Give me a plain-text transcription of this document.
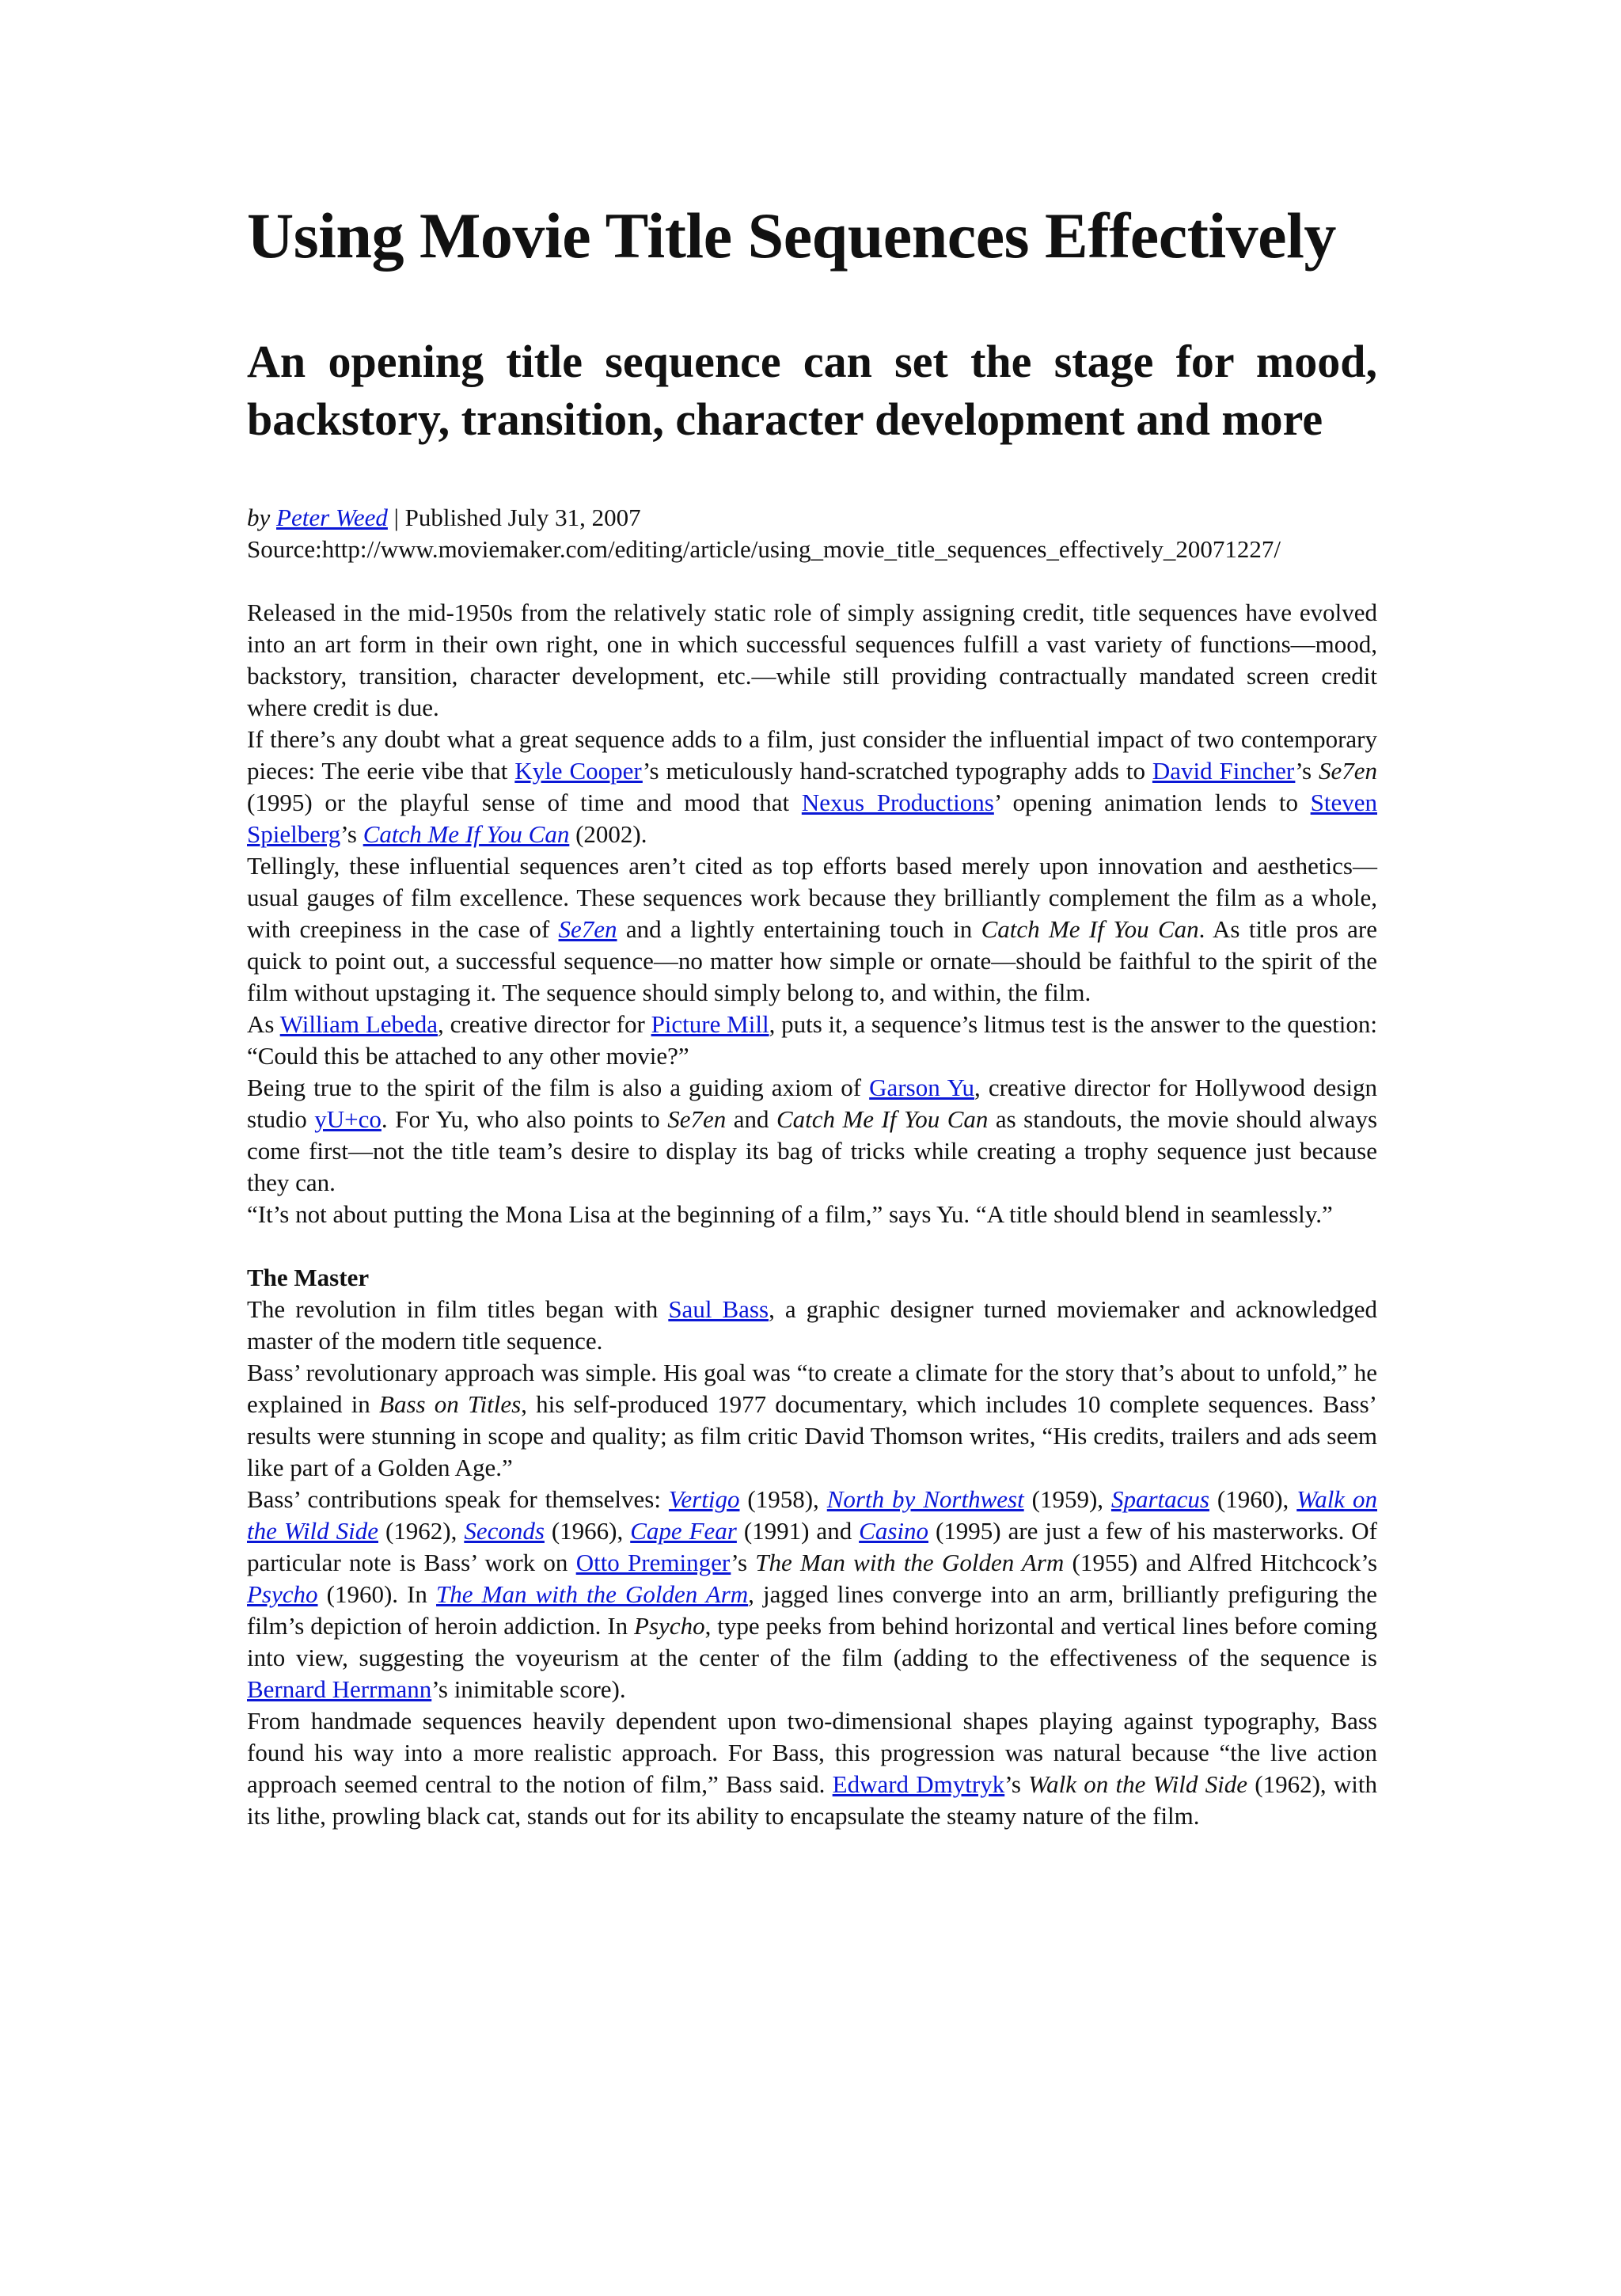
Using Movie Title Sequences Effectively
An opening title sequence can set the stage for mood, backstory, transition, character development and more
by Peter Weed | Published July 31, 2007
Source:http://www.moviemaker.com/editing/article/using_movie_title_sequences_effectively_20071227/

Released in the mid-1950s from the relatively static role of simply assigning credit, title sequences have evolved into an art form in their own right, one in which successful sequences fulfill a vast variety of functions—mood, backstory, transition, character development, etc.—while still providing contractually mandated screen credit where credit is due.

If there’s any doubt what a great sequence adds to a film, just consider the influential impact of two contemporary pieces: The eerie vibe that Kyle Cooper’s meticulously hand-scratched typography adds to David Fincher’s Se7en (1995) or the playful sense of time and mood that Nexus Productions’ opening animation lends to Steven Spielberg’s Catch Me If You Can (2002).

Tellingly, these influential sequences aren’t cited as top efforts based merely upon innovation and aesthetics—usual gauges of film excellence. These sequences work because they brilliantly complement the film as a whole, with creepiness in the case of Se7en and a lightly entertaining touch in Catch Me If You Can. As title pros are quick to point out, a successful sequence—no matter how simple or ornate—should be faithful to the spirit of the film without upstaging it. The sequence should simply belong to, and within, the film.

As William Lebeda, creative director for Picture Mill, puts it, a sequence’s litmus test is the answer to the question: “Could this be attached to any other movie?”

Being true to the spirit of the film is also a guiding axiom of Garson Yu, creative director for Hollywood design studio yU+co. For Yu, who also points to Se7en and Catch Me If You Can as standouts, the movie should always come first—not the title team’s desire to display its bag of tricks while creating a trophy sequence just because they can.

“It’s not about putting the Mona Lisa at the beginning of a film,” says Yu. “A title should blend in seamlessly.”

The Master

The revolution in film titles began with Saul Bass, a graphic designer turned moviemaker and acknowledged master of the modern title sequence.

Bass’ revolutionary approach was simple. His goal was “to create a climate for the story that’s about to unfold,” he explained in Bass on Titles, his self-produced 1977 documentary, which includes 10 complete sequences. Bass’ results were stunning in scope and quality; as film critic David Thomson writes, “His credits, trailers and ads seem like part of a Golden Age.”

Bass’ contributions speak for themselves: Vertigo (1958), North by Northwest (1959), Spartacus (1960), Walk on the Wild Side (1962), Seconds (1966), Cape Fear (1991) and Casino (1995) are just a few of his masterworks. Of particular note is Bass’ work on Otto Preminger’s The Man with the Golden Arm (1955) and Alfred Hitchcock’s Psycho (1960). In The Man with the Golden Arm, jagged lines converge into an arm, brilliantly prefiguring the film’s depiction of heroin addiction. In Psycho, type peeks from behind horizontal and vertical lines before coming into view, suggesting the voyeurism at the center of the film (adding to the effectiveness of the sequence is Bernard Herrmann’s inimitable score).

From handmade sequences heavily dependent upon two-dimensional shapes playing against typography, Bass found his way into a more realistic approach. For Bass, this progression was natural because “the live action approach seemed central to the notion of film,” Bass said. Edward Dmytryk’s Walk on the Wild Side (1962), with its lithe, prowling black cat, stands out for its ability to encapsulate the steamy nature of the film.
